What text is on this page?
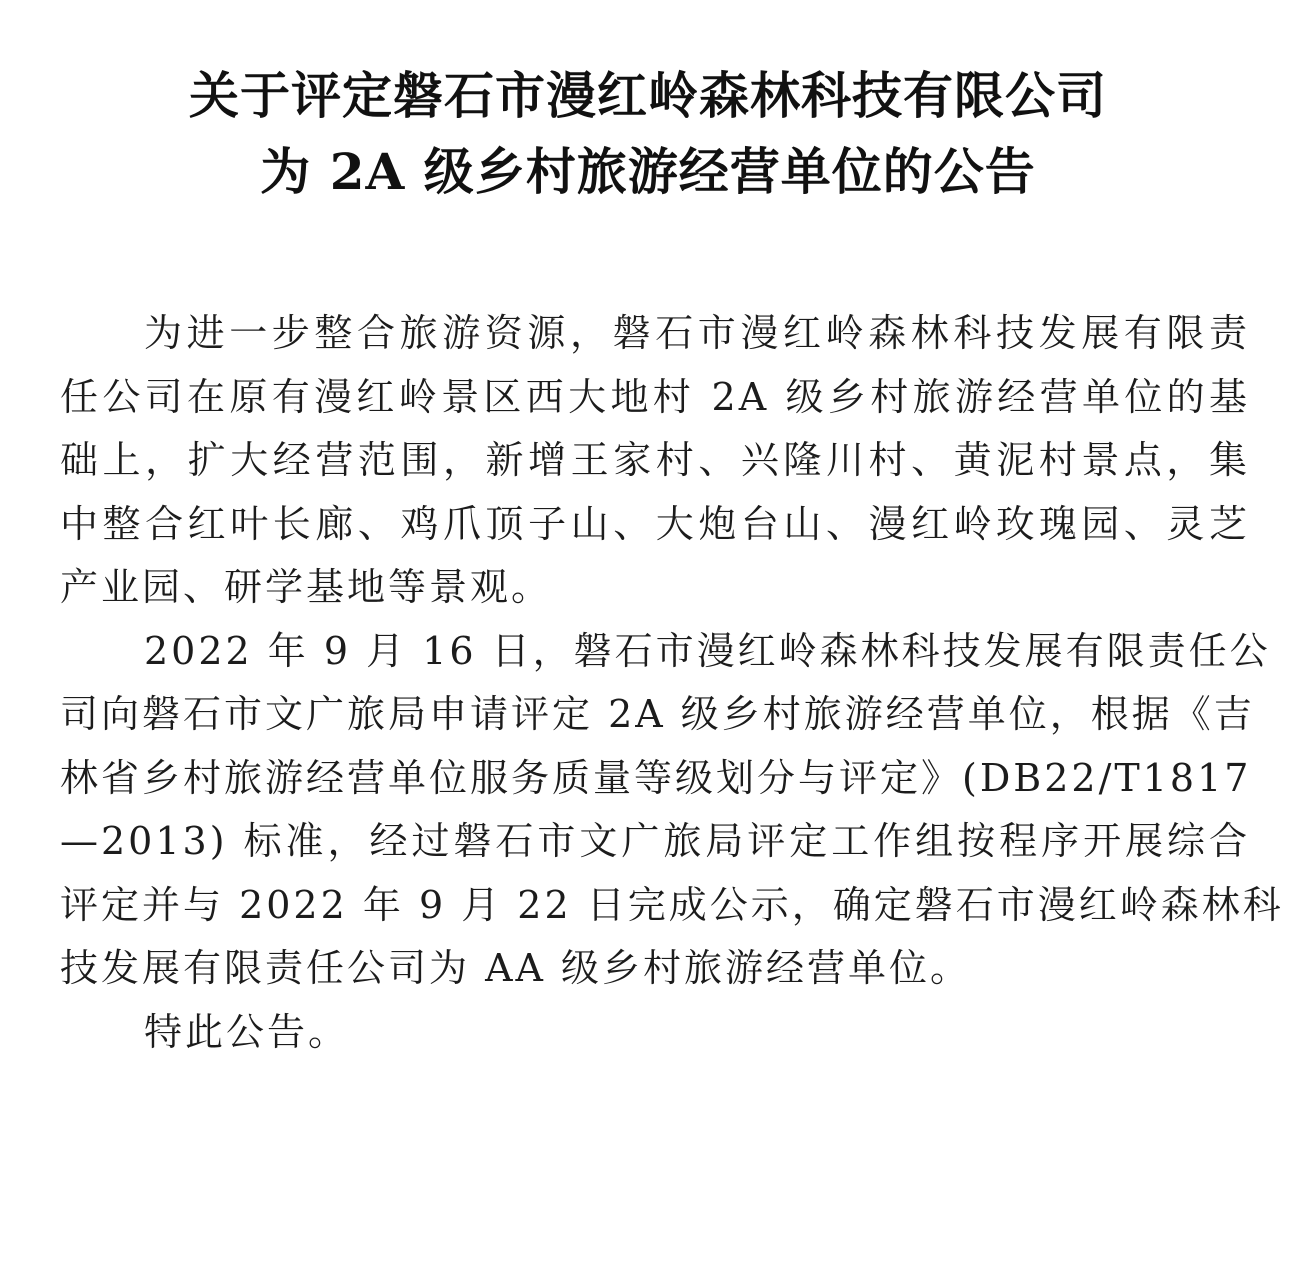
关于评定磐石市漫红岭森林科技有限公司
为 2A 级乡村旅游经营单位的公告

为进一步整合旅游资源，磐石市漫红岭森林科技发展有限责
任公司在原有漫红岭景区西大地村 2A 级乡村旅游经营单位的基
础上，扩大经营范围，新增王家村、兴隆川村、黄泥村景点，集
中整合红叶长廊、鸡爪顶子山、大炮台山、漫红岭玫瑰园、灵芝
产业园、研学基地等景观。

2022 年 9 月 16 日，磐石市漫红岭森林科技发展有限责任公
司向磐石市文广旅局申请评定 2A 级乡村旅游经营单位，根据《吉
林省乡村旅游经营单位服务质量等级划分与评定》(DB22/T1817
—2013) 标准，经过磐石市文广旅局评定工作组按程序开展综合
评定并与 2022 年 9 月 22 日完成公示，确定磐石市漫红岭森林科
技发展有限责任公司为 AA 级乡村旅游经营单位。

特此公告。
